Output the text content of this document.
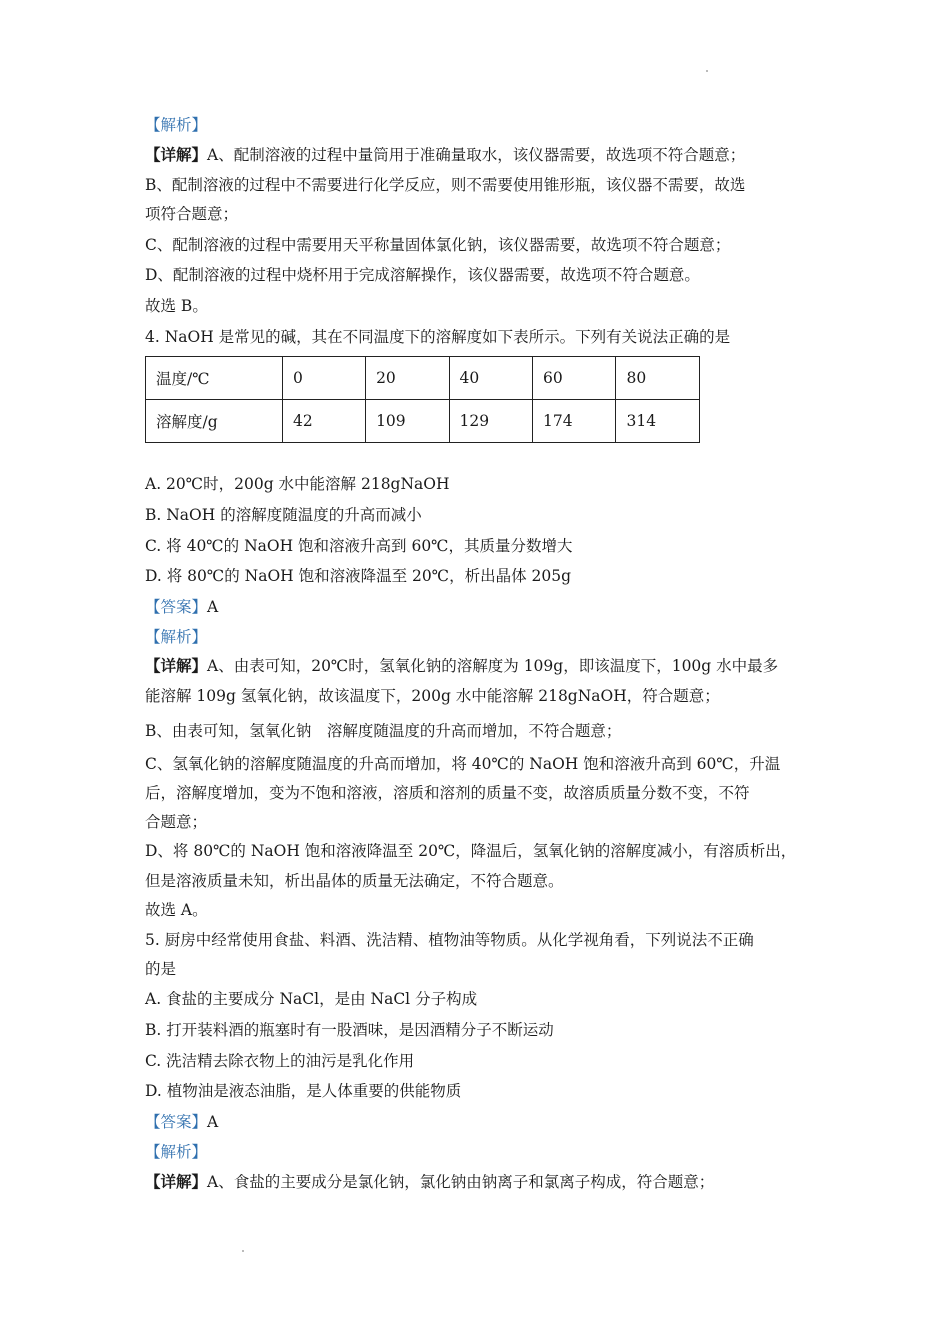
【解析】
【详解】A、配制溶液的过程中量筒用于准确量取水，该仪器需要，故选项不符合题意；
B、配制溶液的过程中不需要进行化学反应，则不需要使用锥形瓶，该仪器不需要，故选
项符合题意；
C、配制溶液的过程中需要用天平称量固体氯化钠，该仪器需要，故选项不符合题意；
D、配制溶液的过程中烧杯用于完成溶解操作，该仪器需要，故选项不符合题意。
故选 B。
4. NaOH 是常见的碱，其在不同温度下的溶解度如下表所示。下列有关说法正确的是
温度/℃	0	20	40	60	80
溶解度/g	42	109	129	174	314
A. 20℃时，200g 水中能溶解 218gNaOH
B. NaOH 的溶解度随温度的升高而减小
C. 将 40℃的 NaOH 饱和溶液升高到 60℃，其质量分数增大
D. 将 80℃的 NaOH 饱和溶液降温至 20℃，析出晶体 205g
【答案】A
【解析】
【详解】A、由表可知，20℃时，氢氧化钠的溶解度为 109g，即该温度下，100g 水中最多
能溶解 109g 氢氧化钠，故该温度下，200g 水中能溶解 218gNaOH，符合题意；
B、由表可知，氢氧化钠　溶解度随温度的升高而增加，不符合题意；
C、氢氧化钠的溶解度随温度的升高而增加，将 40℃的 NaOH 饱和溶液升高到 60℃，升温
后，溶解度增加，变为不饱和溶液，溶质和溶剂的质量不变，故溶质质量分数不变，不符
合题意；
D、将 80℃的 NaOH 饱和溶液降温至 20℃，降温后，氢氧化钠的溶解度减小，有溶质析出，
但是溶液质量未知，析出晶体的质量无法确定，不符合题意。
故选 A。
5. 厨房中经常使用食盐、料酒、洗洁精、植物油等物质。从化学视角看，下列说法不正确
的是
A. 食盐的主要成分 NaCl，是由 NaCl 分子构成
B. 打开装料酒的瓶塞时有一股酒味，是因酒精分子不断运动
C. 洗洁精去除衣物上的油污是乳化作用
D. 植物油是液态油脂，是人体重要的供能物质
【答案】A
【解析】
【详解】A、食盐的主要成分是氯化钠，氯化钠由钠离子和氯离子构成，符合题意；
